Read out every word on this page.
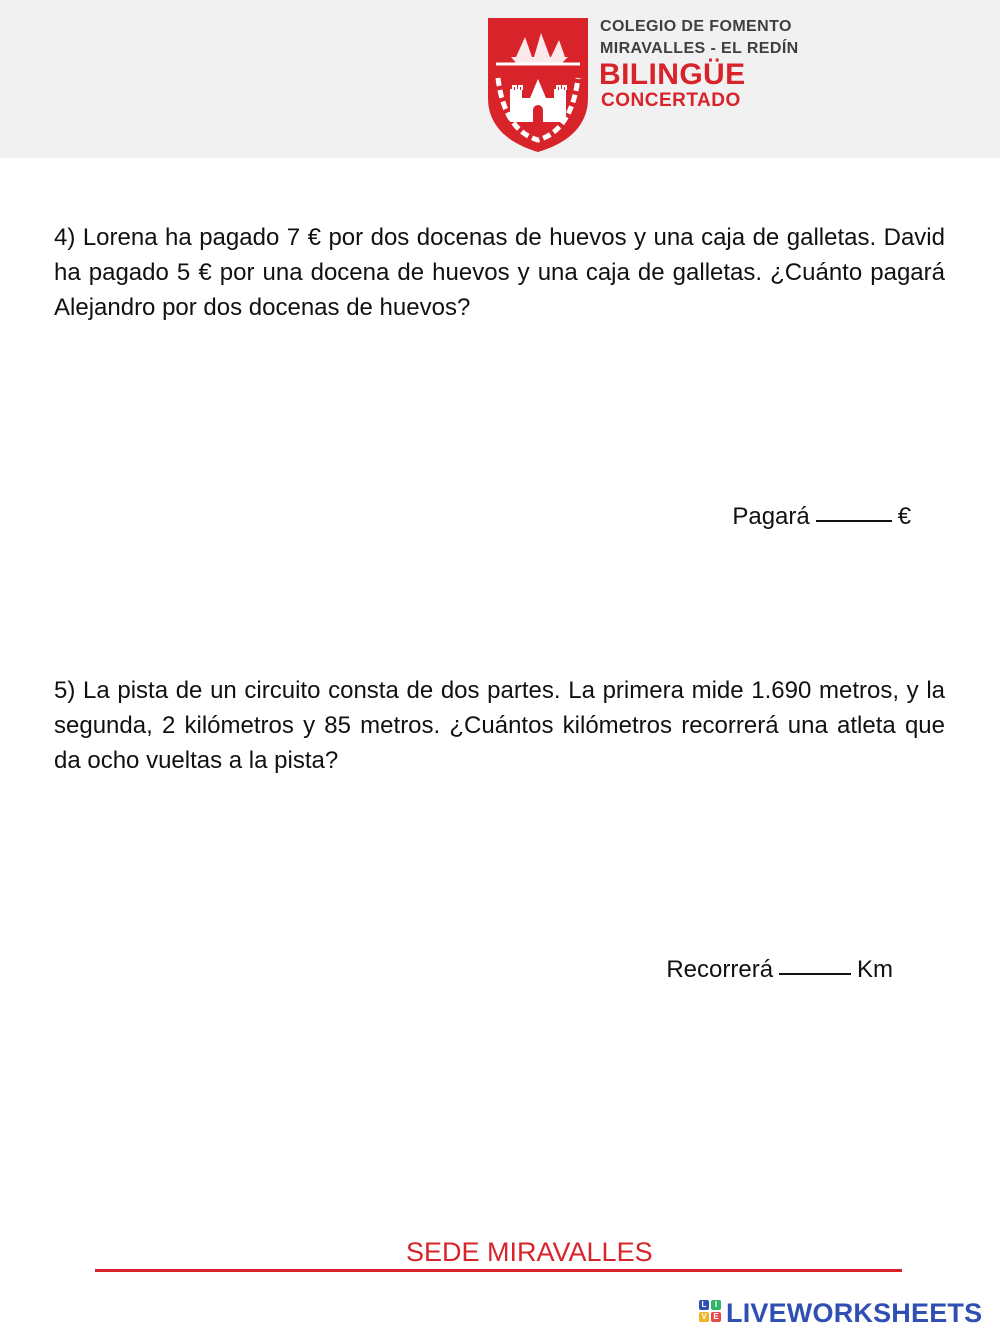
COLEGIO DE FOMENTO
MIRAVALLES - EL REDÍN
BILINGÜE
CONCERTADO

4) Lorena ha pagado 7 € por dos docenas de huevos y una caja de galletas. David ha pagado 5 € por una docena de huevos y una caja de galletas. ¿Cuánto pagará Alejandro por dos docenas de huevos?

Pagará	€

5) La pista de un circuito consta de dos partes. La primera mide 1.690 metros, y la segunda, 2 kilómetros y 85 metros. ¿Cuántos kilómetros recorrerá una atleta que da ocho vueltas a la pista?

Recorrerá	Km

SEDE MIRAVALLES
L	I
V E LIVEWORKSHEETS
